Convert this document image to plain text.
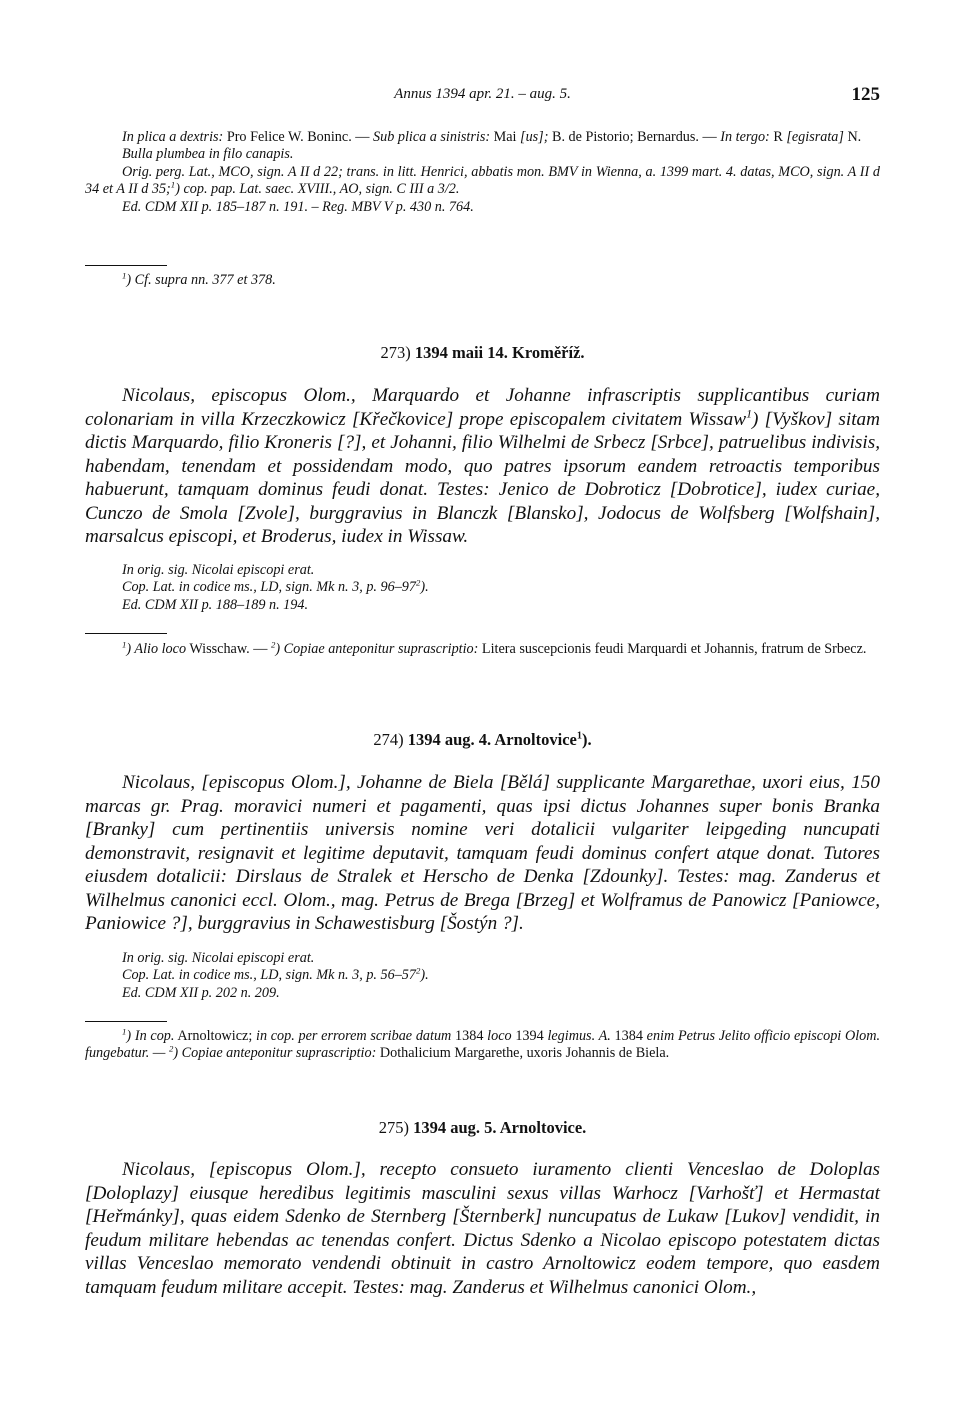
Annus 1394 apr. 21. – aug. 5.	125

In plica a dextris: Pro Felice W. Boninc. — Sub plica a sinistris: Mai [us]; B. de Pistorio; Bernardus. — In tergo: R [egisrata] N.

Bulla plumbea in filo canapis.

Orig. perg. Lat., MCO, sign. A II d 22; trans. in litt. Henrici, abbatis mon. BMV in Wienna, a. 1399 mart. 4. datas, MCO, sign. A II d 34 et A II d 35;$^1$) cop. pap. Lat. saec. XVIII., AO, sign. C III a 3/2.

Ed. CDM XII p. 185–187 n. 191. – Reg. MBV V p. 430 n. 764.

$^1$) Cf. supra nn. 377 et 378.

273) 1394 maii 14. Kroměříž.

Nicolaus, episcopus Olom., Marquardo et Johanne infrascriptis supplicantibus curiam colonariam in villa Krzeczkowicz [Křečkovice] prope episcopalem civitatem Wissaw$^1$) [Vyškov] sitam dictis Marquardo, filio Kroneris [?], et Johanni, filio Wilhelmi de Srbecz [Srbce], patruelibus indivisis, habendam, tenendam et possidendam modo, quo patres ipsorum eandem retroactis temporibus habuerunt, tamquam dominus feudi donat. Testes: Jenico de Dobroticz [Dobrotice], iudex curiae, Cunczo de Smola [Zvole], burggravius in Blanczk [Blansko], Jodocus de Wolfsberg [Wolfshain], marsalcus episcopi, et Broderus, iudex in Wissaw.

In orig. sig. Nicolai episcopi erat.

Cop. Lat. in codice ms., LD, sign. Mk n. 3, p. $96-97^2$).

Ed. CDM XII p. 188–189 n. 194.

$^1$) Alio loco Wisschaw. — $^2$) Copiae anteponitur suprascriptio: Litera suscepcionis feudi Marquardi et Johannis, fratrum de Srbecz.

274) 1394 aug. 4. Arnoltovice$^1$).

Nicolaus, [episcopus Olom.], Johanne de Biela [Bělá] supplicante Margarethae, uxori eius, 150 marcas gr. Prag. moravici numeri et pagamenti, quas ipsi dictus Johannes super bonis Branka [Branky] cum pertinentiis universis nomine veri dotalicii vulgariter leipgeding nuncupati demonstravit, resignavit et legitime deputavit, tamquam feudi dominus confert atque donat. Tutores eiusdem dotalicii: Dirslaus de Stralek et Herscho de Denka [Zdounky]. Testes: mag. Zanderus et Wilhelmus canonici eccl. Olom., mag. Petrus de Brega [Brzeg] et Wolframus de Panowicz [Paniowce, Paniowice ?], burggravius in Schawestisburg [Šostýn ?].

In orig. sig. Nicolai episcopi erat.

Cop. Lat. in codice ms., LD, sign. Mk n. 3, p. $56-57^2$).

Ed. CDM XII p. 202 n. 209.

$^1$) In cop. Arnoltowicz; in cop. per errorem scribae datum 1384 loco 1394 legimus. A. 1384 enim Petrus Jelito officio episcopi Olom. fungebatur. — $^2$) Copiae anteponitur suprascriptio: Dothalicium Margarethe, uxoris Johannis de Biela.

275) 1394 aug. 5. Arnoltovice.

Nicolaus, [episcopus Olom.], recepto consueto iuramento clienti Venceslao de Doloplas [Doloplazy] eiusque heredibus legitimis masculini sexus villas Warhocz [Varhošť] et Hermastat [Heřmánky], quas eidem Sdenko de Sternberg [Šternberk] nuncupatus de Lukaw [Lukov] vendidit, in feudum militare hebendas ac tenendas confert. Dictus Sdenko a Nicolao episcopo potestatem dictas villas Venceslao memorato vendendi obtinuit in castro Arnoltowicz eodem tempore, quo easdem tamquam feudum militare accepit. Testes: mag. Zanderus et Wilhelmus canonici Olom.,
